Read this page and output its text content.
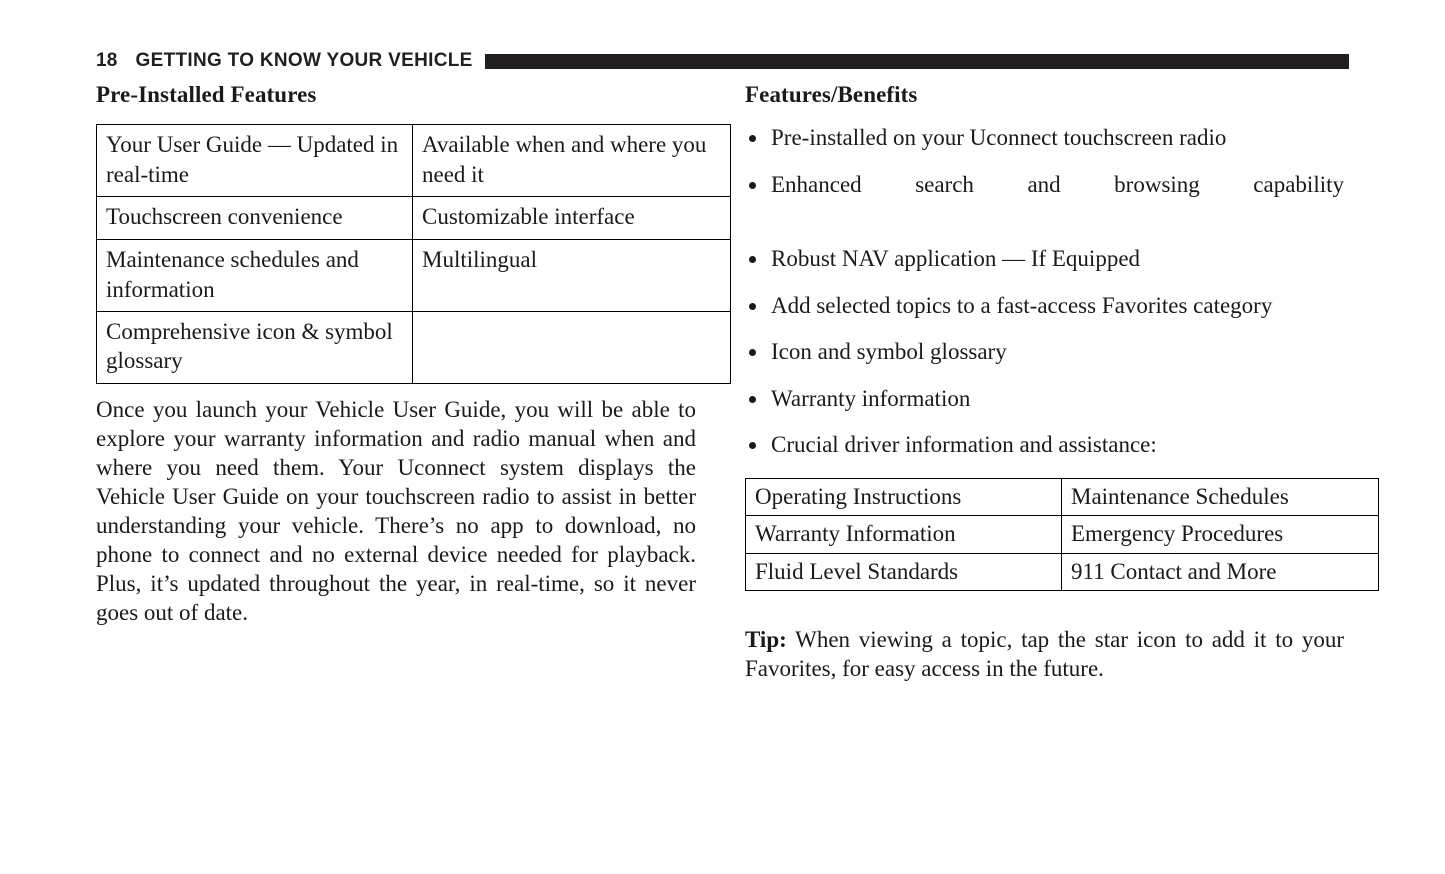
18 GETTING TO KNOW YOUR VEHICLE
Pre-Installed Features
Your User Guide — Updated in real-time	Available when and where you need it
Touchscreen convenience	Customizable interface
Maintenance schedules and information	Multilingual
Comprehensive icon & symbol glossary	

Once you launch your Vehicle User Guide, you will be able to explore your warranty information and radio manual when and where you need them. Your Uconnect system displays the Vehicle User Guide on your touchscreen radio to assist in better understanding your vehicle. There’s no app to download, no phone to connect and no external device needed for playback. Plus, it’s updated throughout the year, in real-time, so it never goes out of date.

Features/Benefits
Pre-installed on your Uconnect touchscreen radio
Enhanced search and browsing capability
Robust NAV application — If Equipped
Add selected topics to a fast-access Favorites category
Icon and symbol glossary
Warranty information
Crucial driver information and assistance:
Operating Instructions	Maintenance Schedules
Warranty Information	Emergency Procedures
Fluid Level Standards	911 Contact and More

Tip: When viewing a topic, tap the star icon to add it to your Favorites, for easy access in the future.
